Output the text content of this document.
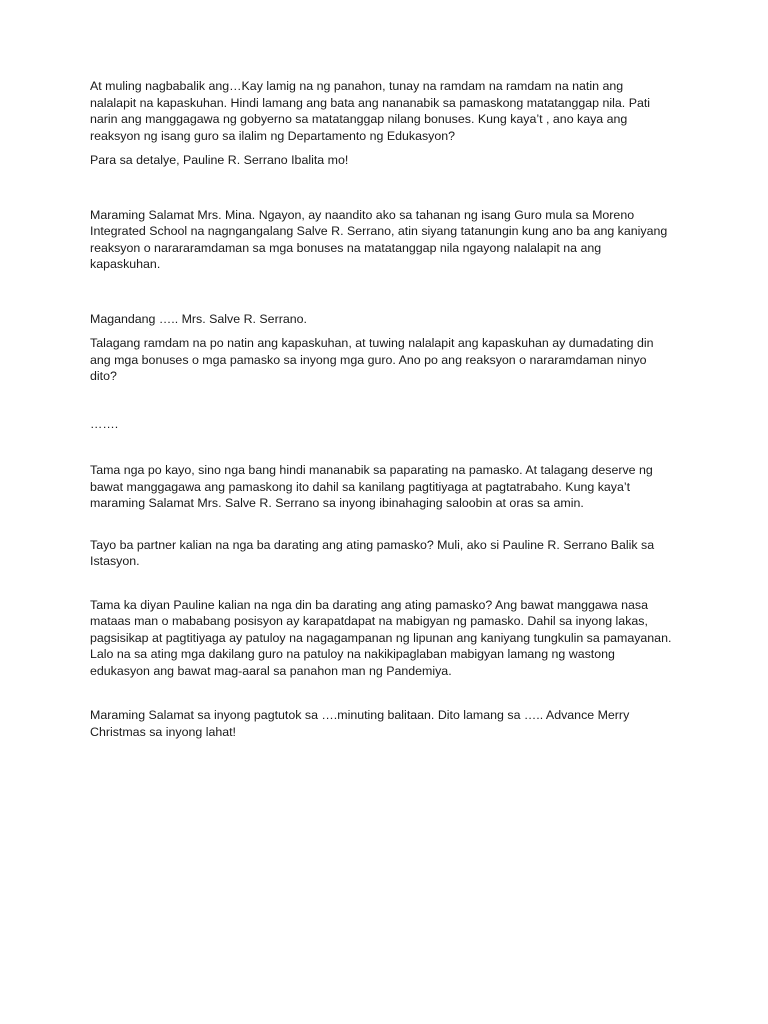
At muling nagbabalik ang…Kay lamig na ng panahon, tunay na ramdam na ramdam na natin ang
nalalapit na kapaskuhan. Hindi lamang ang bata ang nananabik sa pamaskong matatanggap nila. Pati
narin ang manggagawa ng gobyerno sa matatanggap nilang bonuses. Kung kaya’t , ano kaya ang
reaksyon ng isang guro sa ilalim ng Departamento ng Edukasyon?

Para sa detalye, Pauline R. Serrano Ibalita mo!

Maraming Salamat Mrs. Mina. Ngayon, ay naandito ako sa tahanan ng isang Guro mula sa Moreno
Integrated School na nagngangalang Salve R. Serrano, atin siyang tatanungin kung ano ba ang kaniyang
reaksyon o narararamdaman sa mga bonuses na matatanggap nila ngayong nalalapit na ang
kapaskuhan.

Magandang ….. Mrs. Salve R. Serrano.

Talagang ramdam na po natin ang kapaskuhan, at tuwing nalalapit ang kapaskuhan ay dumadating din
ang mga bonuses o mga pamasko sa inyong mga guro. Ano po ang reaksyon o nararamdaman ninyo
dito?

…….

Tama nga po kayo, sino nga bang hindi mananabik sa paparating na pamasko. At talagang deserve ng
bawat manggagawa ang pamaskong ito dahil sa kanilang pagtitiyaga at pagtatrabaho. Kung kaya’t
maraming Salamat Mrs. Salve R. Serrano sa inyong ibinahaging saloobin at oras sa amin.

Tayo ba partner kalian na nga ba darating ang ating pamasko? Muli, ako si Pauline R. Serrano Balik sa
Istasyon.

Tama ka diyan Pauline kalian na nga din ba darating ang ating pamasko? Ang bawat manggawa nasa
mataas man o mababang posisyon ay karapatdapat na mabigyan ng pamasko. Dahil sa inyong lakas,
pagsisikap at pagtitiyaga ay patuloy na nagagampanan ng lipunan ang kaniyang tungkulin sa pamayanan.
Lalo na sa ating mga dakilang guro na patuloy na nakikipaglaban mabigyan lamang ng wastong
edukasyon ang bawat mag-aaral sa panahon man ng Pandemiya.

Maraming Salamat sa inyong pagtutok sa ….minuting balitaan. Dito lamang sa ….. Advance Merry
Christmas sa inyong lahat!
